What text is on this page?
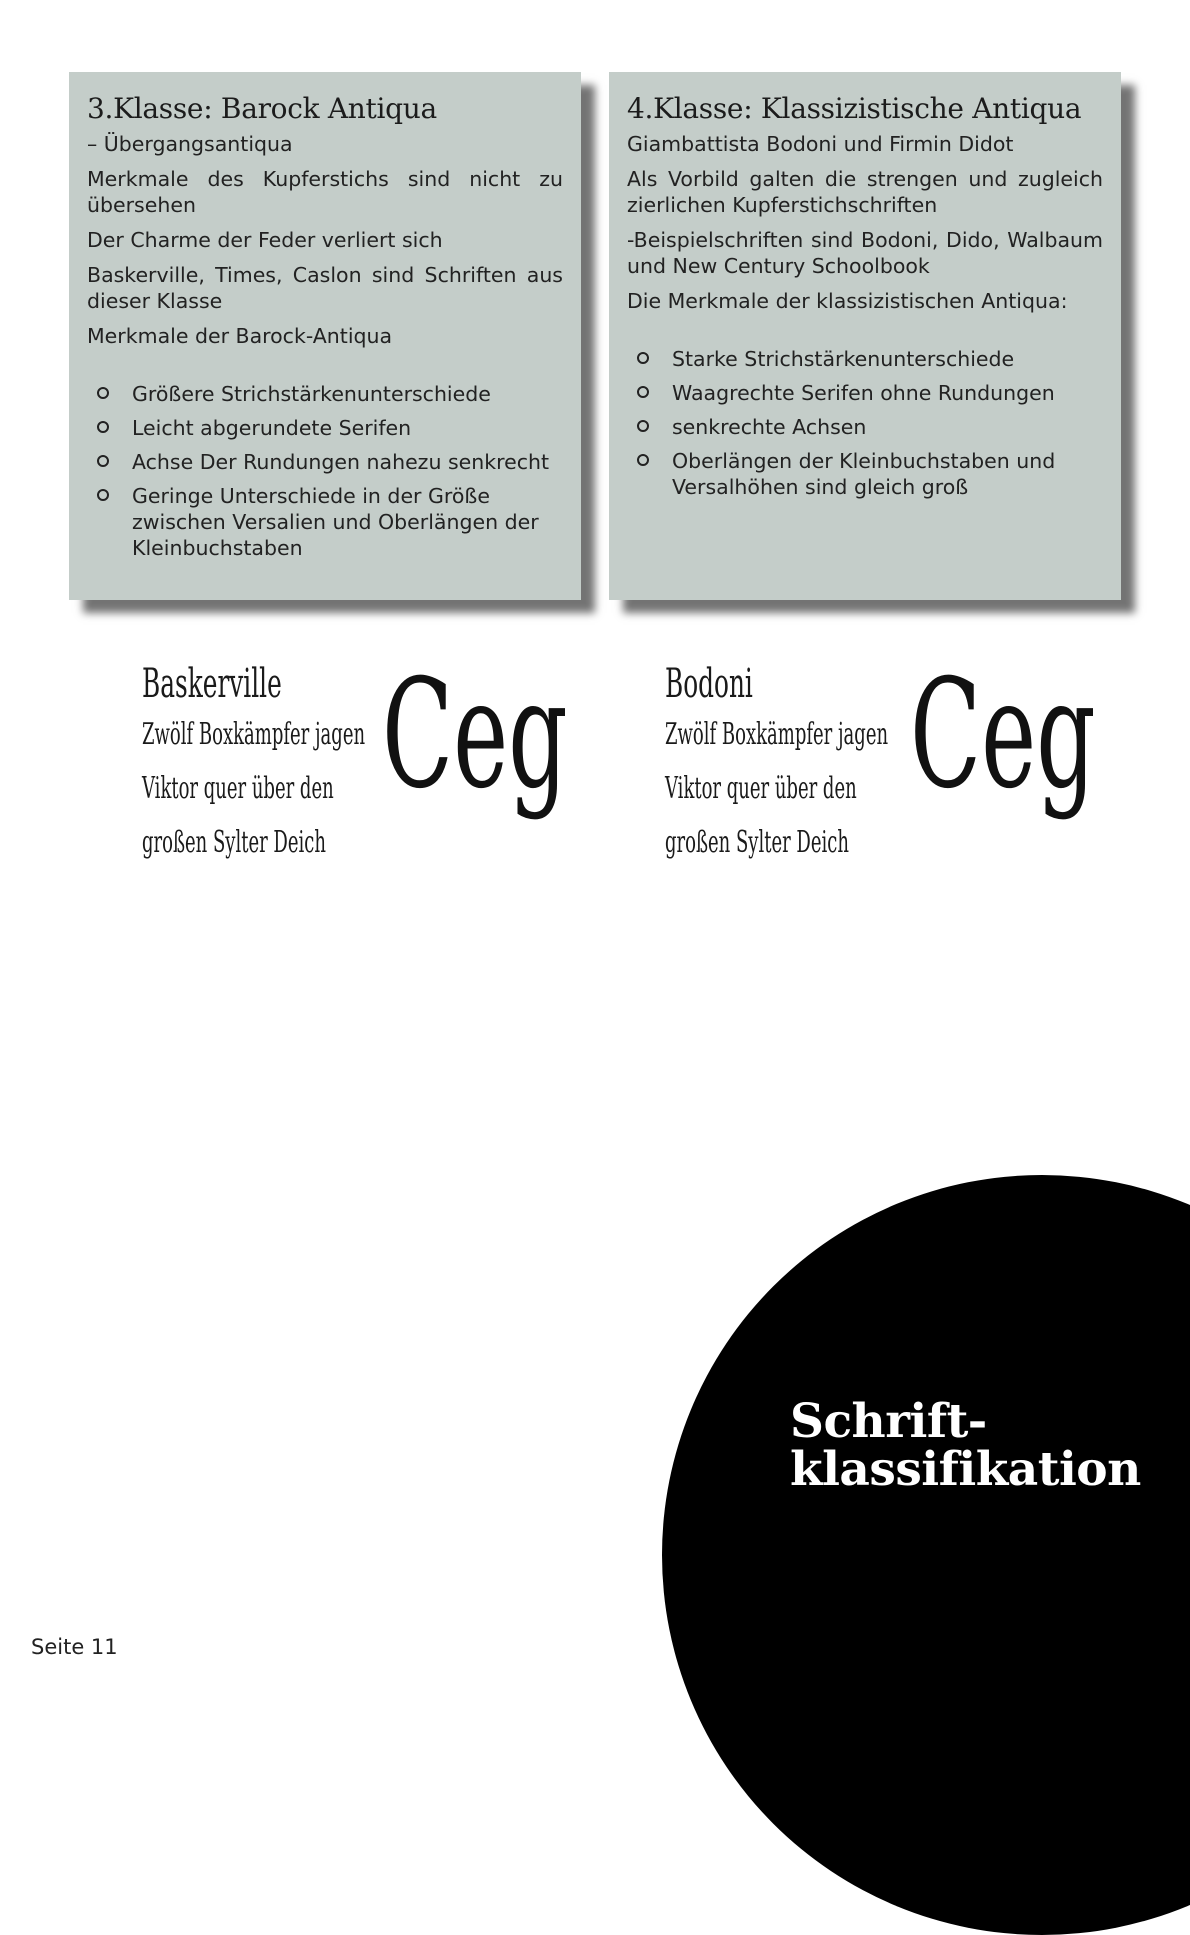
3.Klasse: Barock Antiqua

– Übergangsantiqua

Merkmale des Kupferstichs sind nicht zu übersehen

Der Charme der Feder verliert sich

Baskerville, Times, Caslon sind Schriften aus dieser Klasse

Merkmale der Barock-Antiqua

Größere Strichstärkenunterschiede
Leicht abgerundete Serifen
Achse Der Rundungen nahezu senkrecht
Geringe Unterschiede in der Größe zwischen Versalien und Oberlängen der Kleinbuchstaben
4.Klasse: Klassizistische Antiqua

Giambattista Bodoni und Firmin Didot

Als Vorbild galten die strengen und zugleich zierlichen Kupferstichschriften

-Beispielschriften sind Bodoni, Dido, Walbaum und New Century Schoolbook

Die Merkmale der klassizistischen Antiqua:

Starke Strichstärkenunterschiede
Waagrechte Serifen ohne Rundungen
senkrechte Achsen
Oberlängen der Kleinbuchstaben und Versalhöhen sind gleich groß
Baskerville
Zwölf Boxkämpfer jagen
Viktor quer über den
großen Sylter Deich
Ceg Bodoni
Zwölf Boxkämpfer jagen
Viktor quer über den
großen Sylter Deich
Ceg
Schrift-
klassifikation
Seite 11
